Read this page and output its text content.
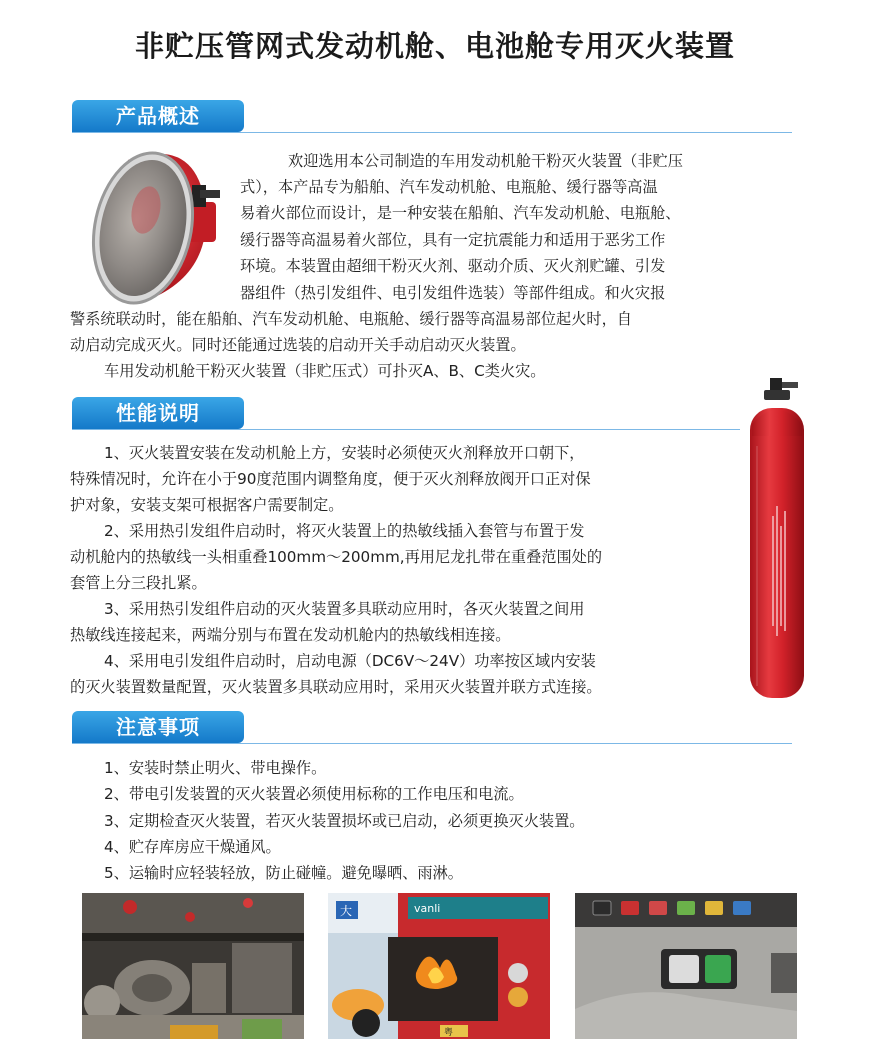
非贮压管网式发动机舱、电池舱专用灭火装置
产品概述
欢迎选用本公司制造的车用发动机舱干粉灭火装置（非贮压
式），本产品专为船舶、汽车发动机舱、电瓶舱、缓行器等高温
易着火部位而设计，是一种安装在船舶、汽车发动机舱、电瓶舱、
缓行器等高温易着火部位，具有一定抗震能力和适用于恶劣工作
环境。本装置由超细干粉灭火剂、驱动介质、灭火剂贮罐、引发
器组件（热引发组件、电引发组件选装）等部件组成。和火灾报
警系统联动时，能在船舶、汽车发动机舱、电瓶舱、缓行器等高温易部位起火时，自
动启动完成灭火。同时还能通过选装的启动开关手动启动灭火装置。
车用发动机舱干粉灭火装置（非贮压式）可扑灭A、B、C类火灾。
性能说明
1、灭火装置安装在发动机舱上方，安装时必须使灭火剂释放开口朝下，
特殊情况时，允许在小于90度范围内调整角度，便于灭火剂释放阀开口正对保
护对象，安装支架可根据客户需要制定。
2、采用热引发组件启动时，将灭火装置上的热敏线插入套管与布置于发
动机舱内的热敏线一头相重叠100mm～200mm,再用尼龙扎带在重叠范围处的
套管上分三段扎紧。
3、采用热引发组件启动的灭火装置多具联动应用时，各灭火装置之间用
热敏线连接起来，两端分别与布置在发动机舱内的热敏线相连接。
4、采用电引发组件启动时，启动电源（DC6V～24V）功率按区域内安装
的灭火装置数量配置，灭火装置多具联动应用时，采用灭火装置并联方式连接。
注意事项
1、安装时禁止明火、带电操作。
2、带电引发装置的灭火装置必须使用标称的工作电压和电流。
3、定期检查灭火装置，若灭火装置损坏或已启动，必须更换灭火装置。
4、贮存库房应干燥通风。
5、运输时应轻装轻放，防止碰幢。避免曝晒、雨淋。
大	vanli
粤
